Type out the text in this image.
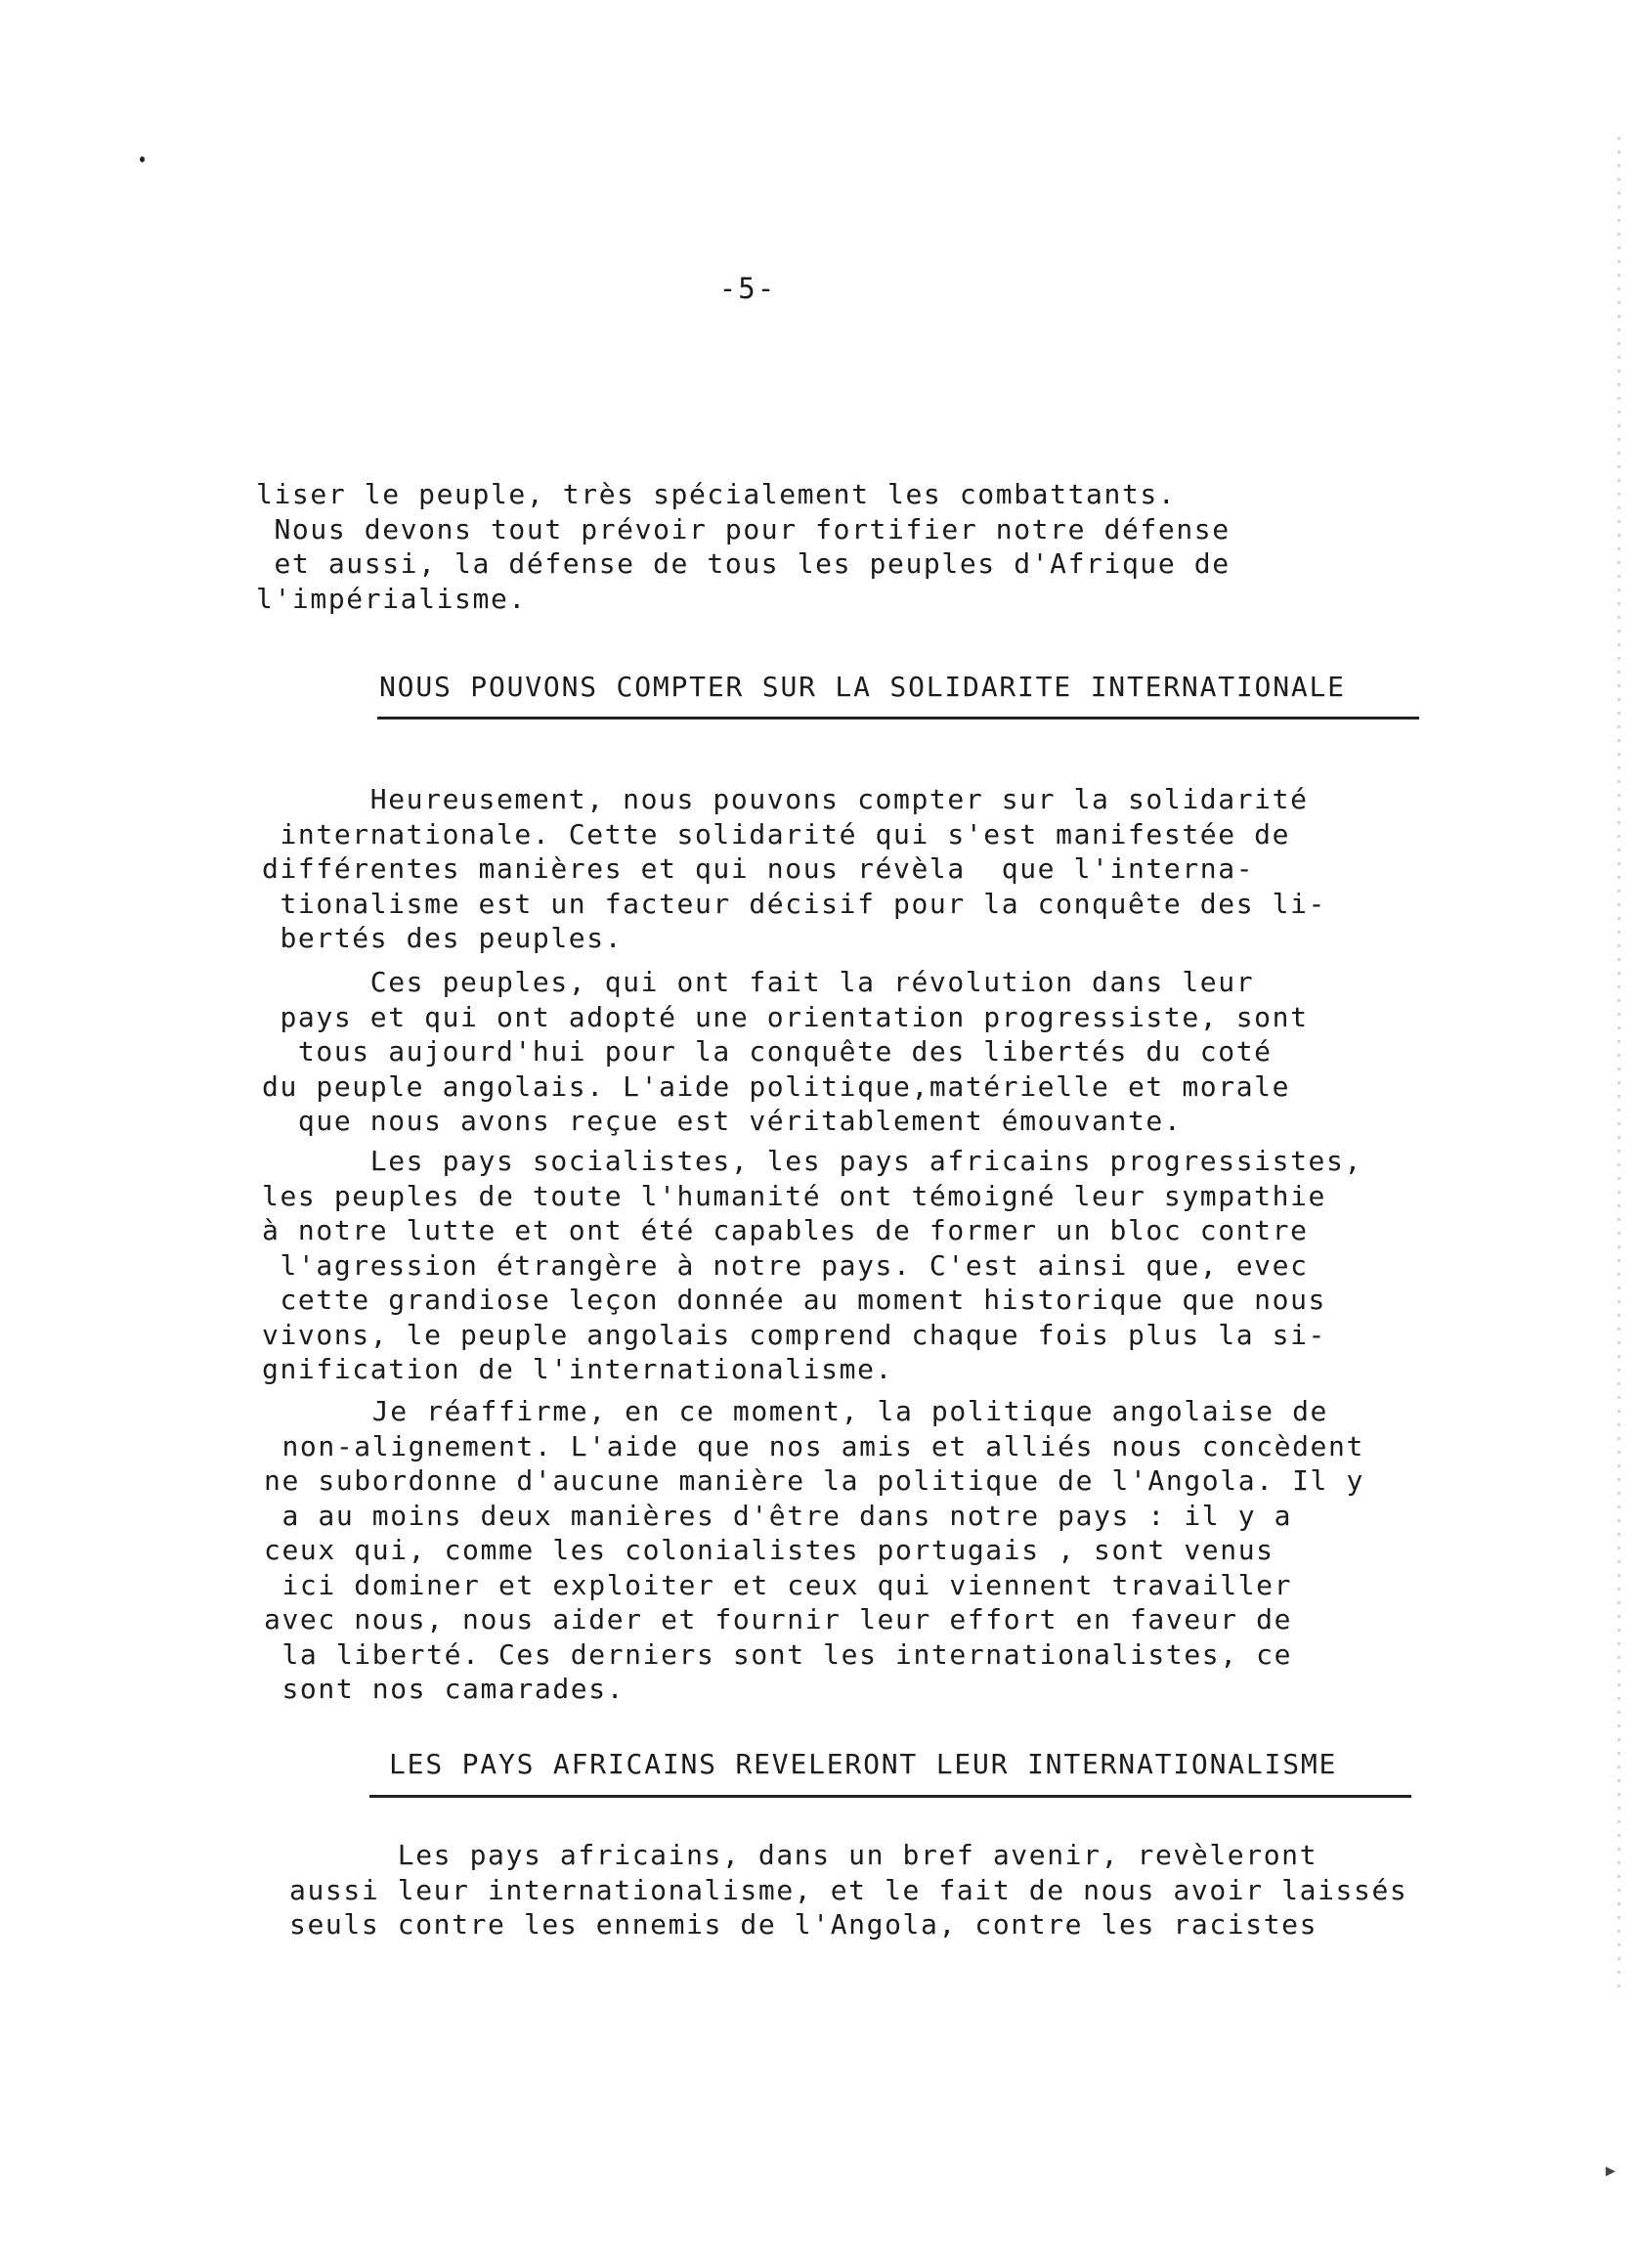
▸
-5-
liser le peuple, très spécialement les combattants.
Nous devons tout prévoir pour fortifier notre défense
et aussi, la défense de tous les peuples d'Afrique de
l'impérialisme.
NOUS POUVONS COMPTER SUR LA SOLIDARITE INTERNATIONALE
Heureusement, nous pouvons compter sur la solidarité
internationale. Cette solidarité qui s'est manifestée de
différentes manières et qui nous révèla  que l'interna-
tionalisme est un facteur décisif pour la conquête des li-
bertés des peuples.
Ces peuples, qui ont fait la révolution dans leur
pays et qui ont adopté une orientation progressiste, sont
tous aujourd'hui pour la conquête des libertés du coté
du peuple angolais. L'aide politique,matérielle et morale
que nous avons reçue est véritablement émouvante.
Les pays socialistes, les pays africains progressistes,
les peuples de toute l'humanité ont témoigné leur sympathie
à notre lutte et ont été capables de former un bloc contre
l'agression étrangère à notre pays. C'est ainsi que, evec
cette grandiose leçon donnée au moment historique que nous
vivons, le peuple angolais comprend chaque fois plus la si-
gnification de l'internationalisme.
Je réaffirme, en ce moment, la politique angolaise de
non-alignement. L'aide que nos amis et alliés nous concèdent
ne subordonne d'aucune manière la politique de l'Angola. Il y
a au moins deux manières d'être dans notre pays : il y a
ceux qui, comme les colonialistes portugais , sont venus
ici dominer et exploiter et ceux qui viennent travailler
avec nous, nous aider et fournir leur effort en faveur de
la liberté. Ces derniers sont les internationalistes, ce
sont nos camarades.
LES PAYS AFRICAINS REVELERONT LEUR INTERNATIONALISME
Les pays africains, dans un bref avenir, revèleront
aussi leur internationalisme, et le fait de nous avoir laissés
seuls contre les ennemis de l'Angola, contre les racistes
